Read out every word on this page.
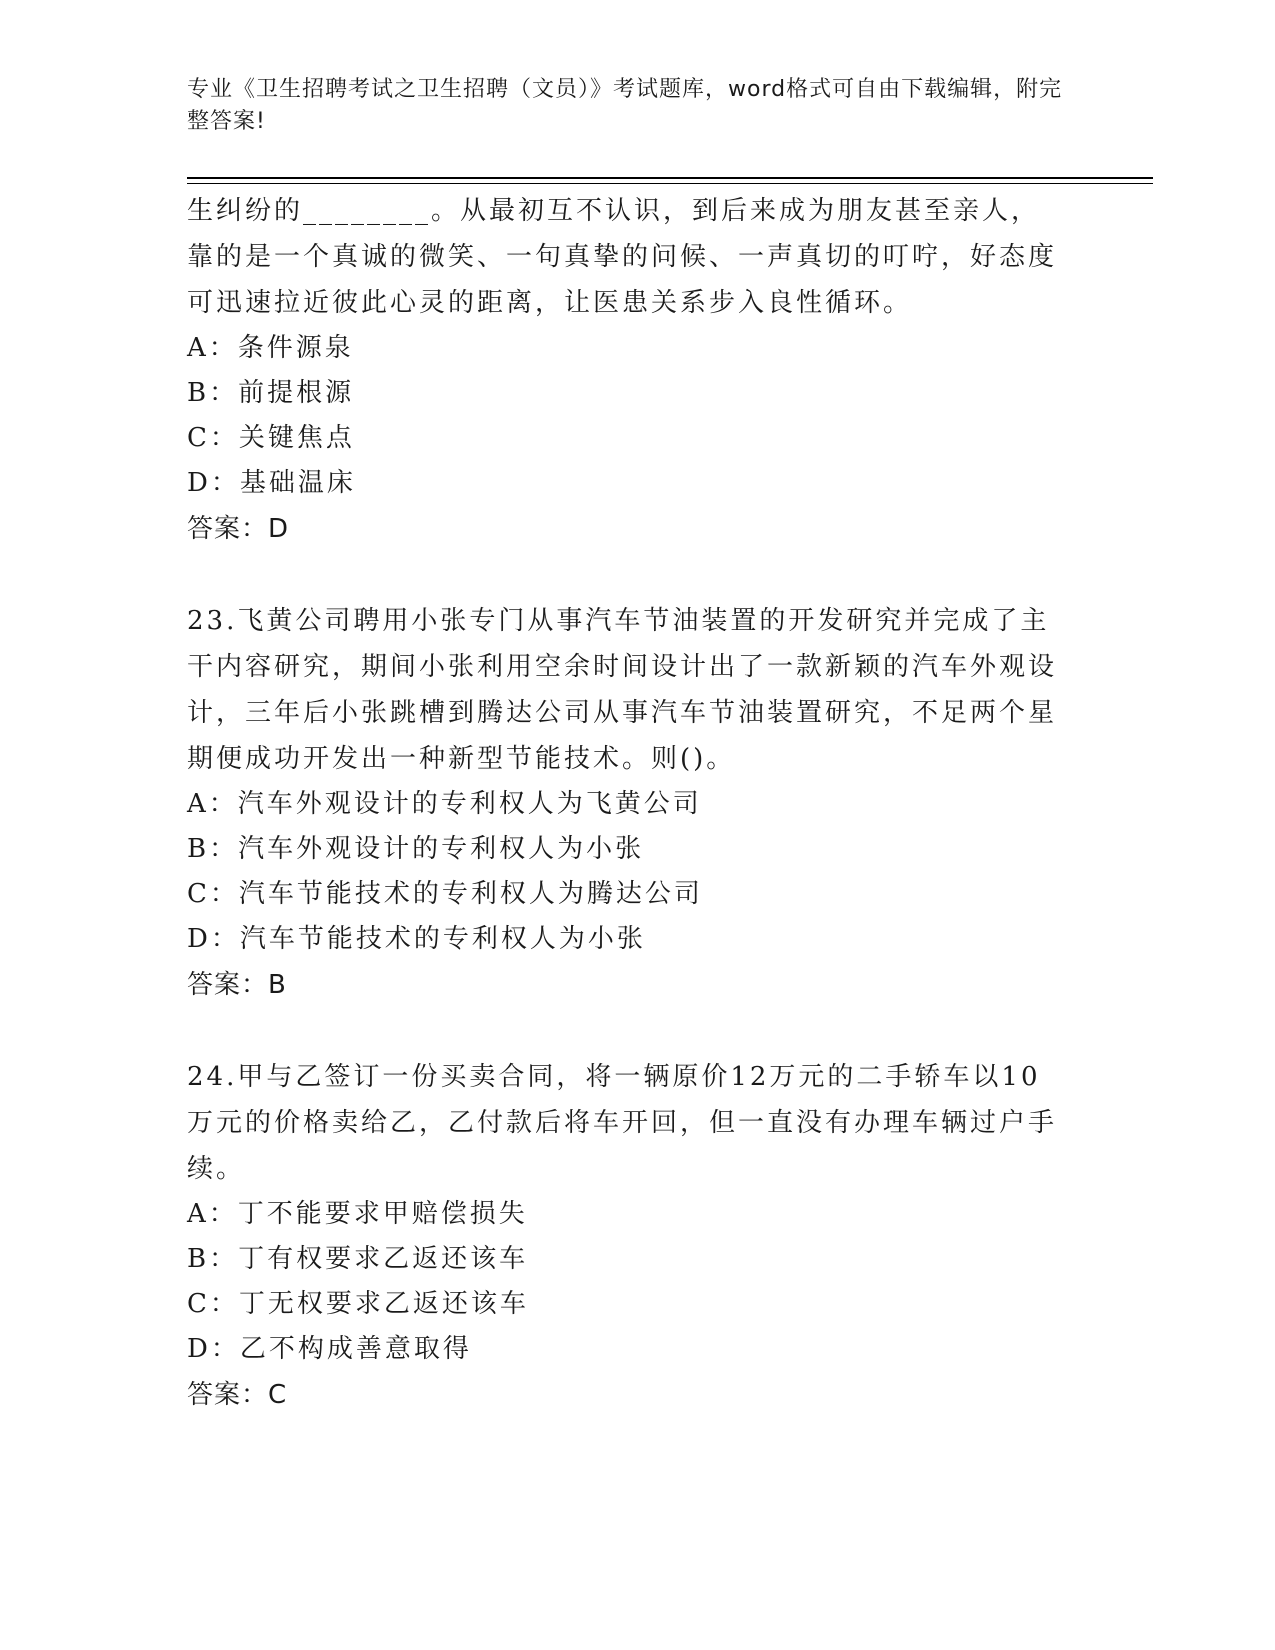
专业《卫生招聘考试之卫生招聘（文员）》考试题库，word格式可自由下载编辑，附完整答案!

生纠纷的________。从最初互不认识，到后来成为朋友甚至亲人，靠的是一个真诚的微笑、一句真挚的问候、一声真切的叮咛，好态度可迅速拉近彼此心灵的距离，让医患关系步入良性循环。

A：条件源泉

B：前提根源

C：关键焦点

D：基础温床

答案：D

23.飞黄公司聘用小张专门从事汽车节油装置的开发研究并完成了主干内容研究，期间小张利用空余时间设计出了一款新颖的汽车外观设计，三年后小张跳槽到腾达公司从事汽车节油装置研究，不足两个星期便成功开发出一种新型节能技术。则()。

A：汽车外观设计的专利权人为飞黄公司

B：汽车外观设计的专利权人为小张

C：汽车节能技术的专利权人为腾达公司

D：汽车节能技术的专利权人为小张

答案：B

24.甲与乙签订一份买卖合同，将一辆原价12万元的二手轿车以10万元的价格卖给乙，乙付款后将车开回，但一直没有办理车辆过户手续。

A：丁不能要求甲赔偿损失

B：丁有权要求乙返还该车

C：丁无权要求乙返还该车

D：乙不构成善意取得

答案：C
